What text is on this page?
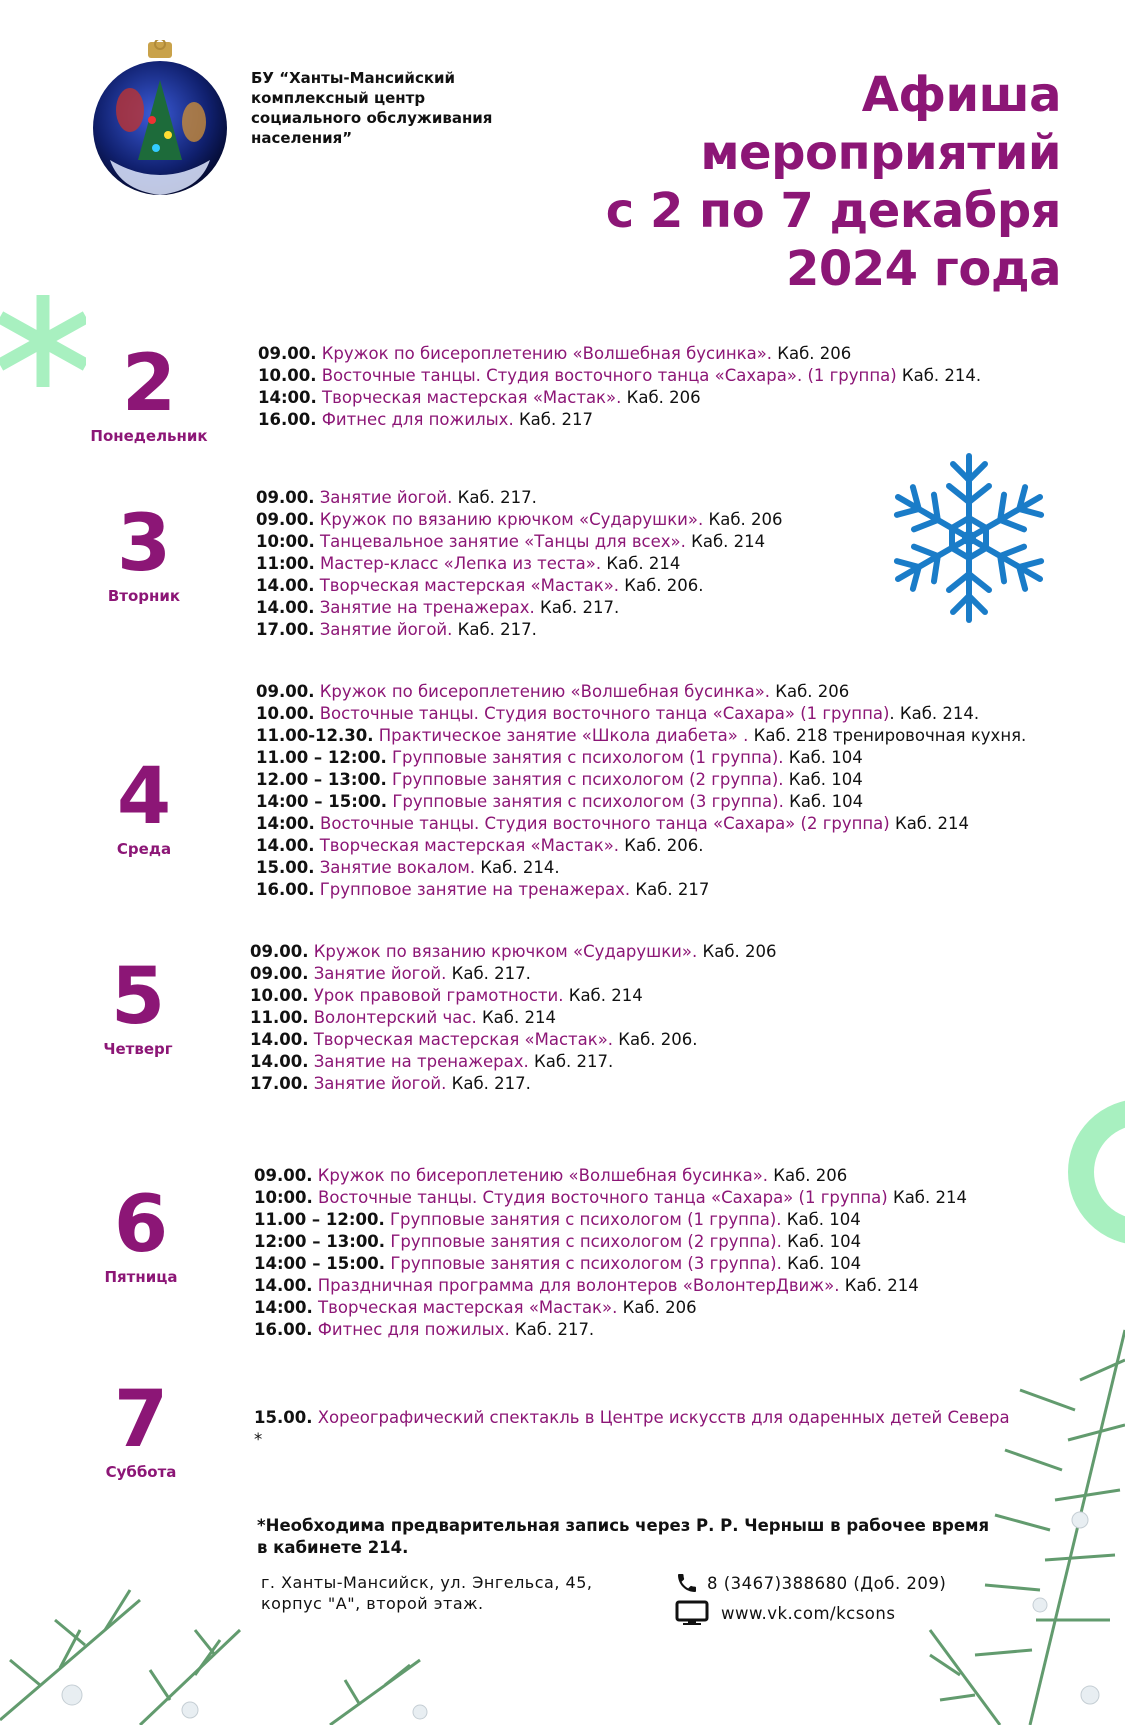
БУ “Ханты-Мансийский комплексный центр социального обслуживания населения”
Афиша
мероприятий
с 2 по 7 декабря
2024 года
2
Понедельник
09.00. Кружок по бисероплетению «Волшебная бусинка». Каб. 206
10.00. Восточные танцы. Студия восточного танца «Сахара». (1 группа) Каб. 214.
14:00. Творческая мастерская «Мастак». Каб. 206
16.00. Фитнес для пожилых. Каб. 217
3
Вторник
09.00. Занятие йогой. Каб. 217.
09.00. Кружок по вязанию крючком «Сударушки». Каб. 206
10:00. Танцевальное занятие «Танцы для всех». Каб. 214
11:00. Мастер-класс «Лепка из теста». Каб. 214
14.00. Творческая мастерская «Мастак». Каб. 206.
14.00. Занятие на тренажерах. Каб. 217.
17.00. Занятие йогой. Каб. 217.
4
Среда
09.00. Кружок по бисероплетению «Волшебная бусинка». Каб. 206
10.00. Восточные танцы. Студия восточного танца «Сахара» (1 группа). Каб. 214.
11.00-12.30. Практическое занятие «Школа диабета» . Каб. 218 тренировочная кухня.
11.00 – 12:00. Групповые занятия с психологом (1 группа). Каб. 104
12.00 – 13:00. Групповые занятия с психологом (2 группа). Каб. 104
14:00 – 15:00. Групповые занятия с психологом (3 группа). Каб. 104
14:00. Восточные танцы. Студия восточного танца «Сахара» (2 группа) Каб. 214
14.00. Творческая мастерская «Мастак». Каб. 206.
15.00. Занятие вокалом. Каб. 214.
16.00. Групповое занятие на тренажерах. Каб. 217
5
Четверг
09.00. Кружок по вязанию крючком «Сударушки». Каб. 206
09.00. Занятие йогой. Каб. 217.
10.00. Урок правовой грамотности. Каб. 214
11.00. Волонтерский час. Каб. 214
14.00. Творческая мастерская «Мастак». Каб. 206.
14.00. Занятие на тренажерах. Каб. 217.
17.00. Занятие йогой. Каб. 217.
6
Пятница
09.00. Кружок по бисероплетению «Волшебная бусинка». Каб. 206
10:00. Восточные танцы. Студия восточного танца «Сахара» (1 группа) Каб. 214
11.00 – 12:00. Групповые занятия с психологом (1 группа). Каб. 104
12:00 – 13:00. Групповые занятия с психологом (2 группа). Каб. 104
14:00 – 15:00. Групповые занятия с психологом (3 группа). Каб. 104
14.00. Праздничная программа для волонтеров «ВолонтерДвиж». Каб. 214
14:00. Творческая мастерская «Мастак». Каб. 206
16.00. Фитнес для пожилых. Каб. 217.
7
Суббота
15.00. Хореографический спектакль в Центре искусств для одаренных детей Севера *
*Необходима предварительная запись через Р. Р. Черныш в рабочее время в кабинете 214.
г. Ханты-Мансийск, ул. Энгельса, 45, корпус "А", второй этаж.
8 (3467)388680 (Доб. 209)
www.vk.com/kcsons
